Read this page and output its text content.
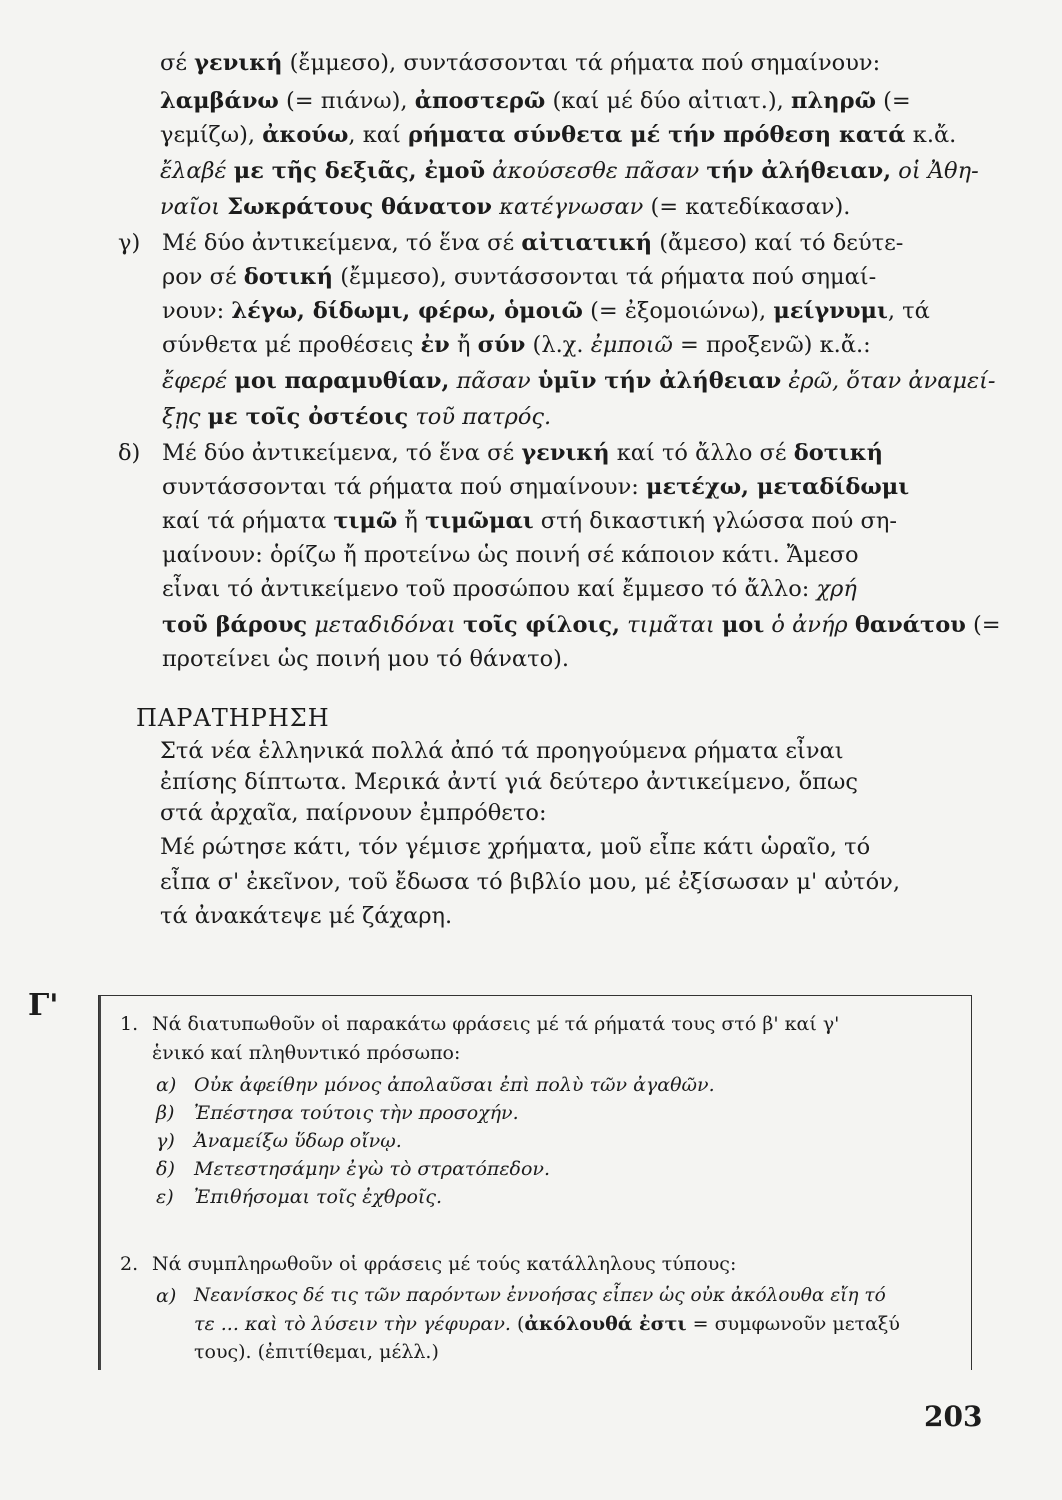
σέ γενική (ἔμμεσο), συντάσσονται τά ρήματα πού σημαίνουν:
λαμβάνω (= πιάνω), ἀποστερῶ (καί μέ δύο αἰτιατ.), πληρῶ (=
γεμίζω), ἀκούω, καί ρήματα σύνθετα μέ τήν πρόθεση κατά κ.ἄ.
ἔλαβέ με τῆς δεξιᾶς, ἐμοῦ ἀκούσεσθε πᾶσαν τήν ἀλήθειαν, οἱ Ἀθη-
ναῖοι Σωκράτους θάνατον κατέγνωσαν (= κατεδίκασαν).
γ) Μέ δύο ἀντικείμενα, τό ἕνα σέ αἰτιατική (ἄμεσο) καί τό δεύτε-
ρον σέ δοτική (ἔμμεσο), συντάσσονται τά ρήματα πού σημαί-
νουν: λέγω, δίδωμι, φέρω, ὁμοιῶ (= ἐξομοιώνω), μείγνυμι, τά
σύνθετα μέ προθέσεις ἐν ἤ σύν (λ.χ. ἐμποιῶ = προξενῶ) κ.ἄ.:
ἔφερέ μοι παραμυθίαν, πᾶσαν ὑμῖν τήν ἀλήθειαν ἐρῶ, ὅταν ἀναμεί-
ξῃς με τοῖς ὀστέοις τοῦ πατρός.
δ) Μέ δύο ἀντικείμενα, τό ἕνα σέ γενική καί τό ἄλλο σέ δοτική
συντάσσονται τά ρήματα πού σημαίνουν: μετέχω, μεταδίδωμι
καί τά ρήματα τιμῶ ἤ τιμῶμαι στή δικαστική γλώσσα πού ση-
μαίνουν: ὁρίζω ἤ προτείνω ὡς ποινή σέ κάποιον κάτι. Ἄμεσο
εἶναι τό ἀντικείμενο τοῦ προσώπου καί ἔμμεσο τό ἄλλο: χρή
τοῦ βάρους μεταδιδόναι τοῖς φίλοις, τιμᾶται μοι ὁ ἀνήρ θανάτου (=
προτείνει ὡς ποινή μου τό θάνατο).
ΠΑΡΑΤΗΡΗΣΗ
Στά νέα ἑλληνικά πολλά ἀπό τά προηγούμενα ρήματα εἶναι
ἐπίσης δίπτωτα. Μερικά ἀντί γιά δεύτερο ἀντικείμενο, ὅπως
στά ἀρχαῖα, παίρνουν ἐμπρόθετο:
Μέ ρώτησε κάτι, τόν γέμισε χρήματα, μοῦ εἶπε κάτι ὡραῖο, τό
εἶπα σ' ἐκεῖνον, τοῦ ἔδωσα τό βιβλίο μου, μέ ἐξίσωσαν μ' αὐτόν,
τά ἀνακάτεψε μέ ζάχαρη.
Γ'
1. Νά διατυπωθοῦν οἱ παρακάτω φράσεις μέ τά ρήματά τους στό β' καί γ'
ἑνικό καί πληθυντικό πρόσωπο:
α) Οὐκ ἀφείθην μόνος ἀπολαῦσαι ἐπὶ πολὺ τῶν ἀγαθῶν.
β) Ἐπέστησα τούτοις τὴν προσοχήν.
γ) Ἀναμείξω ὕδωρ οἴνῳ.
δ) Μετεστησάμην ἐγὼ τὸ στρατόπεδον.
ε) Ἐπιθήσομαι τοῖς ἐχθροῖς.
2. Νά συμπληρωθοῦν οἱ φράσεις μέ τούς κατάλληλους τύπους:
α) Νεανίσκος δέ τις τῶν παρόντων ἐννοήσας εἶπεν ὡς οὐκ ἀκόλουθα εἴη τό
τε ... καὶ τὸ λύσειν τὴν γέφυραν. (ἀκόλουθά ἐστι = συμφωνοῦν μεταξύ
τους). (ἐπιτίθεμαι, μέλλ.)
203
